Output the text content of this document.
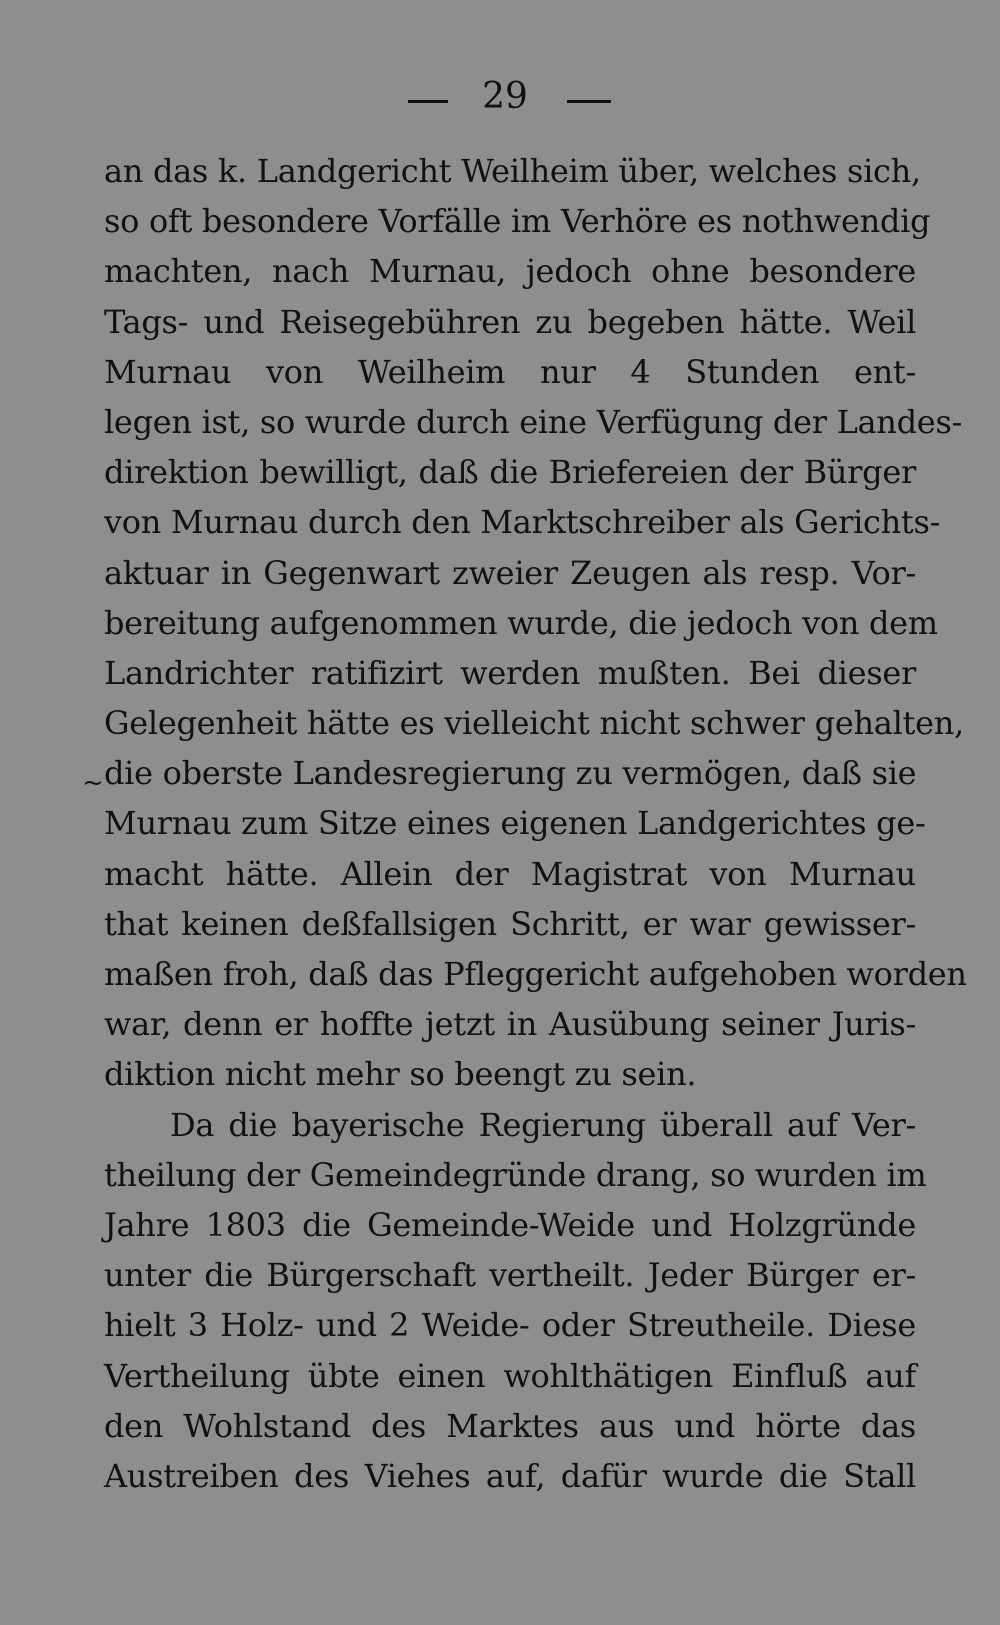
29
~
an das k. Landgericht Weilheim über, welches sich,
so oft besondere Vorfälle im Verhöre es nothwendig
machten, nach Murnau, jedoch ohne besondere
Tags- und Reisegebühren zu begeben hätte. Weil
Murnau von Weilheim nur 4 Stunden ent-
legen ist, so wurde durch eine Verfügung der Landes-
direktion bewilligt, daß die Briefereien der Bürger
von Murnau durch den Marktschreiber als Gerichts-
aktuar in Gegenwart zweier Zeugen als resp. Vor-
bereitung aufgenommen wurde, die jedoch von dem
Landrichter ratifizirt werden mußten. Bei dieser
Gelegenheit hätte es vielleicht nicht schwer gehalten,
die oberste Landesregierung zu vermögen, daß sie
Murnau zum Sitze eines eigenen Landgerichtes ge-
macht hätte. Allein der Magistrat von Murnau
that keinen deßfallsigen Schritt, er war gewisser-
maßen froh, daß das Pfleggericht aufgehoben worden
war, denn er hoffte jetzt in Ausübung seiner Juris-
diktion nicht mehr so beengt zu sein.
Da die bayerische Regierung überall auf Ver-
theilung der Gemeindegründe drang, so wurden im
Jahre 1803 die Gemeinde-Weide und Holzgründe
unter die Bürgerschaft vertheilt. Jeder Bürger er-
hielt 3 Holz- und 2 Weide- oder Streutheile. Diese
Vertheilung übte einen wohlthätigen Einfluß auf
den Wohlstand des Marktes aus und hörte das
Austreiben des Viehes auf, dafür wurde die Stall
